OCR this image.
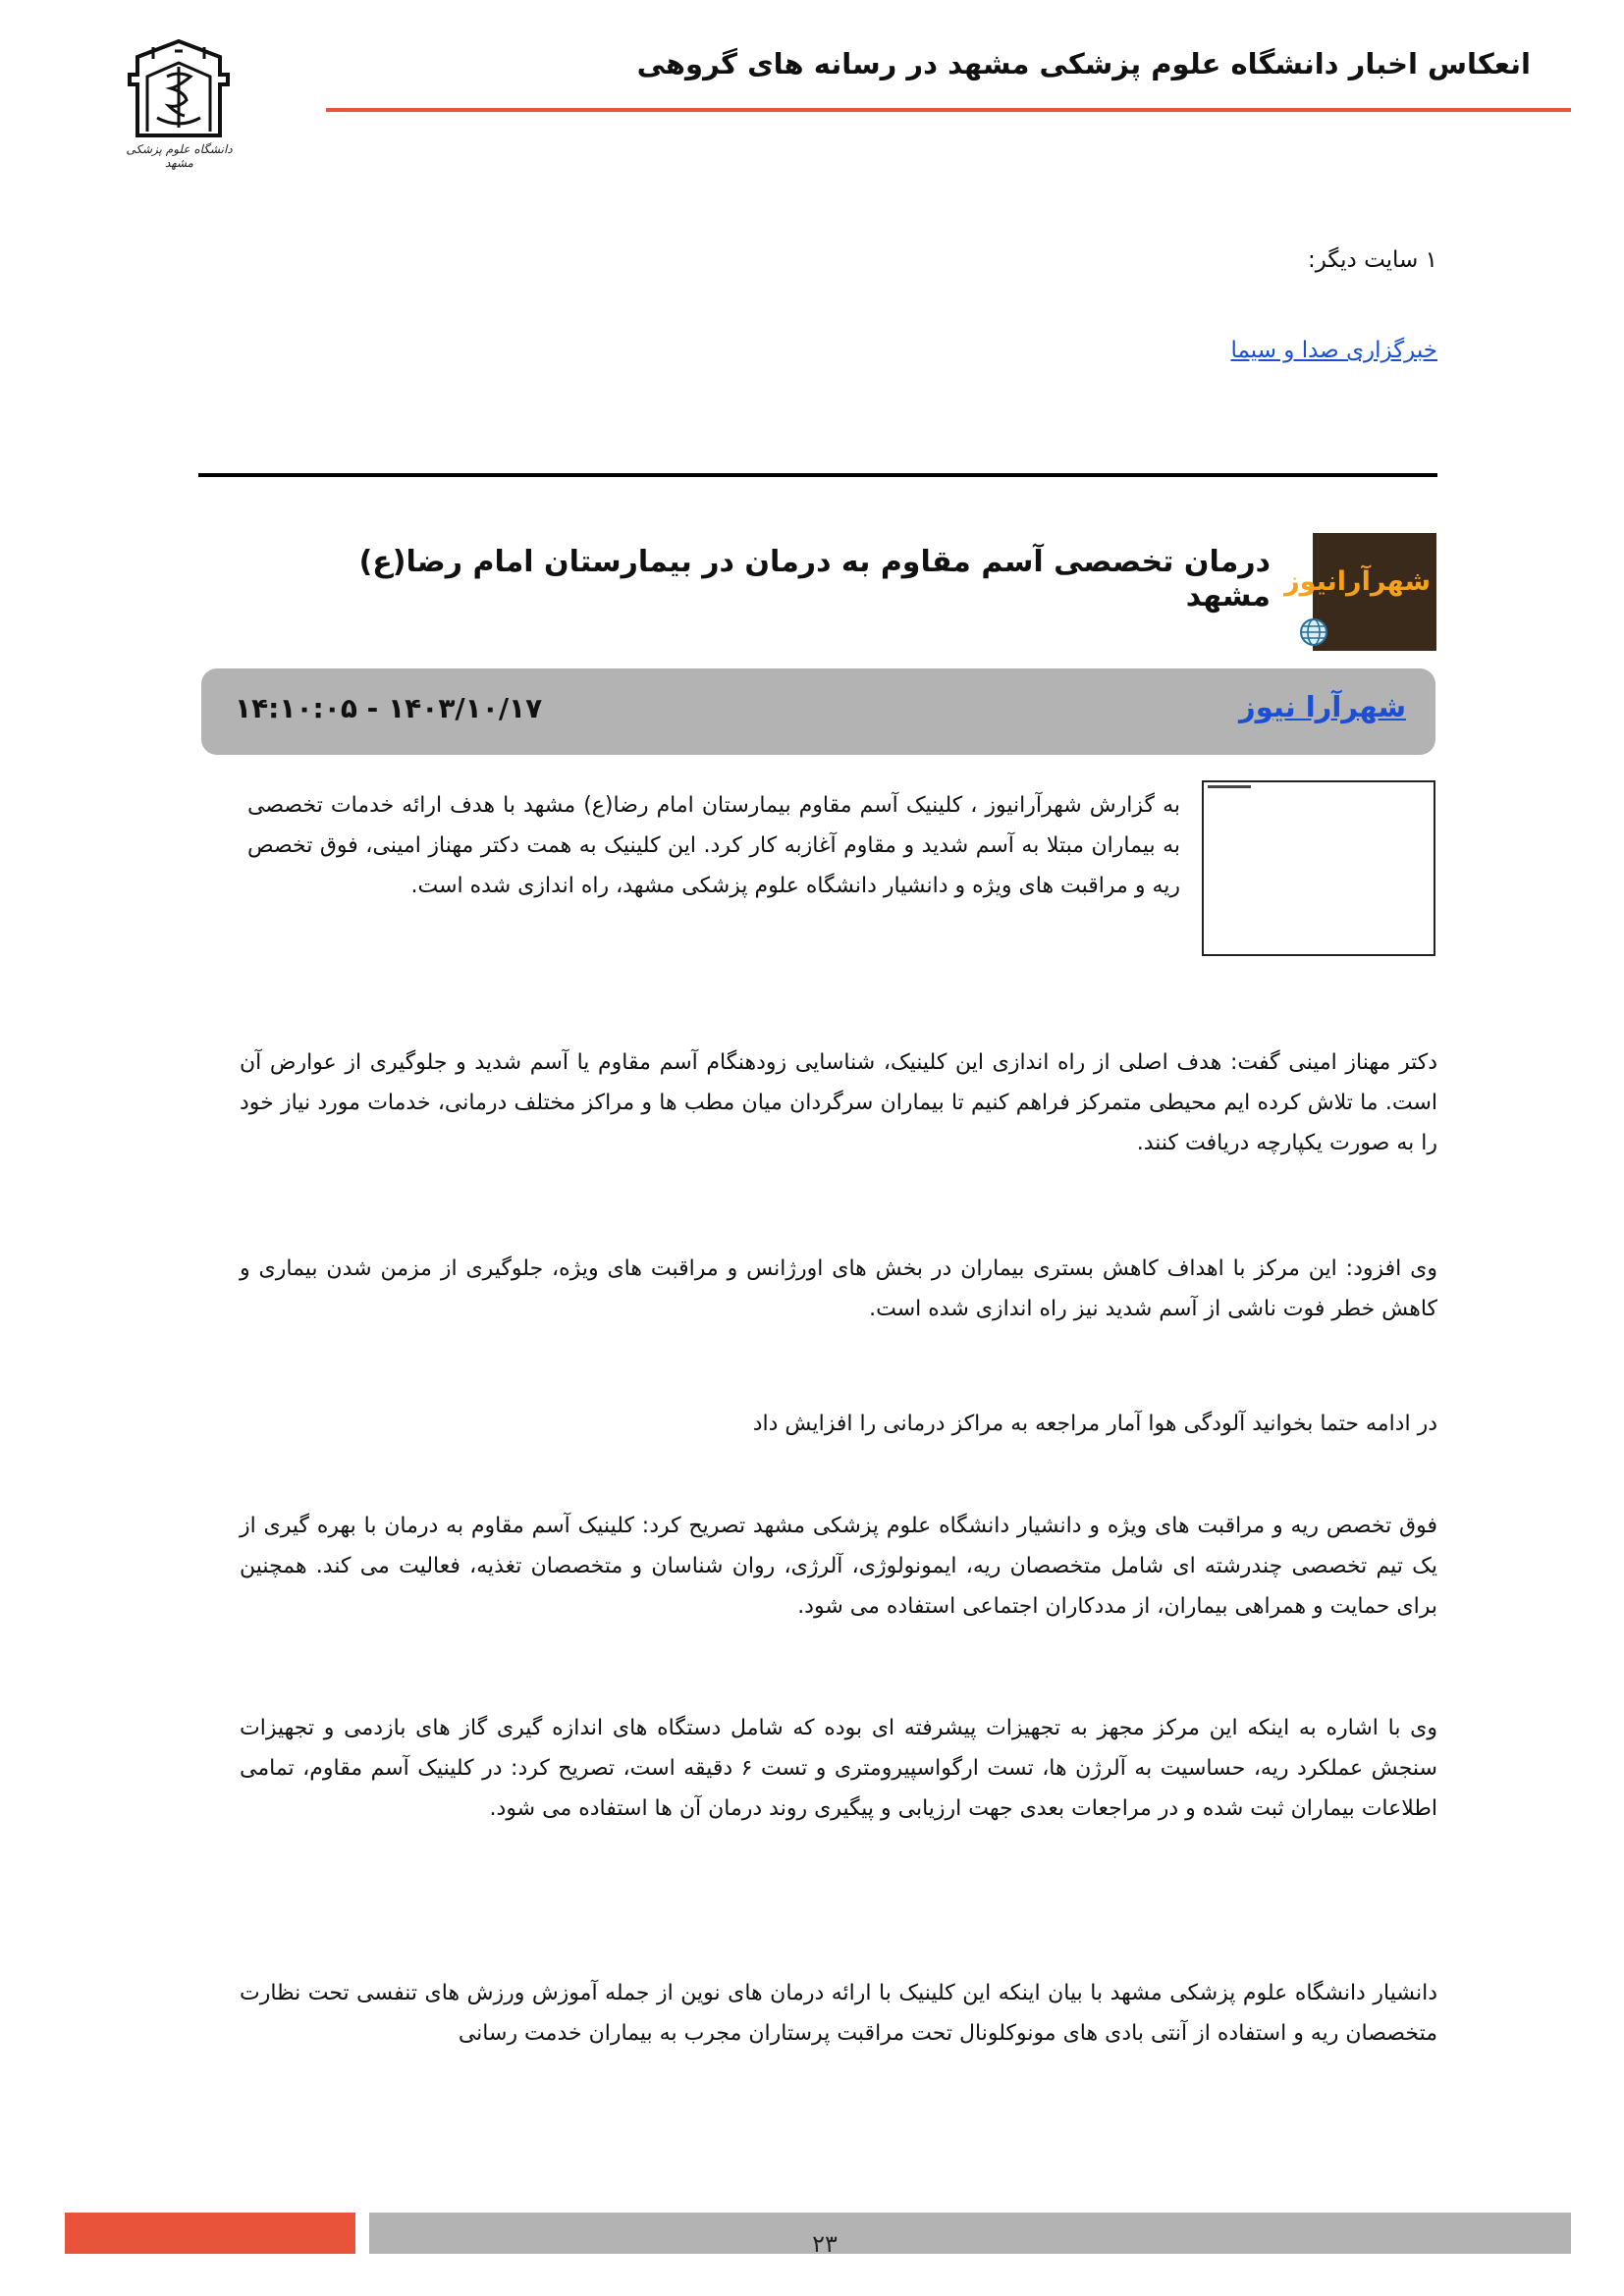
دانشگاه علوم پزشکی مشهد
انعکاس اخبار دانشگاه علوم پزشکی مشهد در رسانه های گروهی
۱ سایت دیگر:
خبرگزاری صدا و سیما
شهرآرانیوز
درمان تخصصی آسم مقاوم به درمان در بیمارستان امام رضا(ع) مشهد
شهرآرا نیوز
۱۴۰۳/۱۰/۱۷ - ۱۴:۱۰:۰۵
به گزارش شهرآرانیوز ، کلینیک آسم مقاوم بیمارستان امام رضا(ع) مشهد با هدف ارائه خدمات تخصصی به بیماران مبتلا به آسم شدید و مقاوم آغازبه کار کرد. این کلینیک به همت دکتر مهناز امینی، فوق تخصص ریه و مراقبت های ویژه و دانشیار دانشگاه علوم پزشکی مشهد، راه اندازی شده است.
دکتر مهناز امینی گفت: هدف اصلی از راه اندازی این کلینیک، شناسایی زودهنگام آسم مقاوم یا آسم شدید و جلوگیری از عوارض آن است. ما تلاش کرده ایم محیطی متمرکز فراهم کنیم تا بیماران سرگردان میان مطب ها و مراکز مختلف درمانی، خدمات مورد نیاز خود را به صورت یکپارچه دریافت کنند.
وی افزود: این مرکز با اهداف کاهش بستری بیماران در بخش های اورژانس و مراقبت های ویژه، جلوگیری از مزمن شدن بیماری و کاهش خطر فوت ناشی از آسم شدید نیز راه اندازی شده است.
در ادامه حتما بخوانید آلودگی هوا آمار مراجعه به مراکز درمانی را افزایش داد
فوق تخصص ریه و مراقبت های ویژه و دانشیار دانشگاه علوم پزشکی مشهد تصریح کرد: کلینیک آسم مقاوم به درمان با بهره گیری از یک تیم تخصصی چندرشته ای شامل متخصصان ریه، ایمونولوژی، آلرژی، روان شناسان و متخصصان تغذیه، فعالیت می کند. همچنین برای حمایت و همراهی بیماران، از مددکاران اجتماعی استفاده می شود.
وی با اشاره به اینکه این مرکز مجهز به تجهیزات پیشرفته ای بوده که شامل دستگاه های اندازه گیری گاز های بازدمی و تجهیزات سنجش عملکرد ریه، حساسیت به آلرژن ها، تست ارگواسپیرومتری و تست ۶ دقیقه است، تصریح کرد: در کلینیک آسم مقاوم، تمامی اطلاعات بیماران ثبت شده و در مراجعات بعدی جهت ارزیابی و پیگیری روند درمان آن ها استفاده می شود.
دانشیار دانشگاه علوم پزشکی مشهد با بیان اینکه این کلینیک با ارائه درمان های نوین از جمله آموزش ورزش های تنفسی تحت نظارت متخصصان ریه و استفاده از آنتی بادی های مونوکلونال تحت مراقبت پرستاران مجرب به بیماران خدمت رسانی
۲۳
